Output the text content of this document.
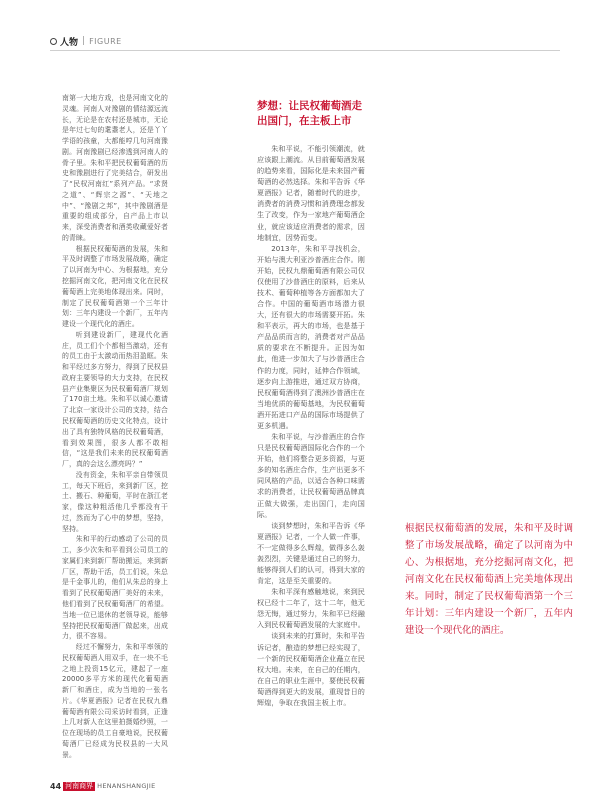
人物 | FIGURE

南第一大地方戏，也是河南文化的灵魂。河南人对豫剧的情结源远流长，无论是在农村还是城市，无论是年过七旬的耄耋老人，还是丫丫学语的孩童，大都能哼几句河南豫剧。河南豫剧已经渗透到河南人的骨子里。朱和平把民权葡萄酒的历史和豫剧进行了完美结合，研发出了“民权河南红”系列产品。“求贤之道”、“辉宗之源”、“天地之中”、“豫剧之邦”，其中豫剧酒是重要的组成部分，自产品上市以来，深受消费者和酒类收藏爱好者的青睐。

根据民权葡萄酒的发展，朱和平及时调整了市场发展战略，确定了以河南为中心、为根据地，充分挖掘河南文化，把河南文化在民权葡萄酒上完美地体现出来。同时，制定了民权葡萄酒第一个三年计划：三年内建设一个新厂，五年内建设一个现代化的酒庄。

听到建设新厂，建现代化酒庄，员工们个个都相当激动，还有的员工由于太激动而热泪盈眶。朱和平经过多方努力，得到了民权县政府主要领导的大力支持，在民权县产业集聚区为民权葡萄酒厂规划了170亩土地。朱和平以诚心邀请了北京一家设计公司的支持，结合民权葡萄酒的历史文化特点，设计出了具有独特风格的民权葡萄酒，看到效果图，很多人都不敢相信，“这是我们未来的民权葡萄酒厂，真的会这么漂亮吗？”

没有资金，朱和平亲自带领员工，每天下班后，来到新厂区，挖土、搬石、种葡萄，平时在浙江老家，像这种粗活他几乎都没有干过，然而为了心中的梦想，坚持，坚持。

朱和平的行动感动了公司的员工，多少次朱和平看到公司员工的家属们来到新厂帮助搬运，来到新厂区，帮助干活，员工们说，朱总是千金事儿的，他们从朱总的身上看到了民权葡萄酒厂美好的未来，他们看到了民权葡萄酒厂的希望。当地一位已退休的老领导说，能够坚持把民权葡萄酒厂做起来，出成力，很不容易。

经过不懈努力，朱和平率领的民权葡萄酒人用双手，在一块不毛之地上投资15亿元，建起了一座20000多平方米的现代化葡萄酒新厂和酒庄，成为当地的一张名片。《华夏酒报》记者在民权九鼎葡萄酒有限公司采访时看到，正逢上几对新人在这里拍摄婚纱照，一位在现场的员工自豪地说，民权葡萄酒厂已经成为民权县的一大风景。

梦想：让民权葡萄酒走出国门，在主板上市

朱和平说，不能引领潮流，就应该跟上潮流。从目前葡萄酒发展的趋势来看，国际化是未来国产葡萄酒的必然选择。朱和平告诉《华夏酒报》记者，随着时代的进步，消费者的消费习惯和消费理念都发生了改变，作为一家地产葡萄酒企业，就应该适应消费者的需求，因地制宜，因势而变。

2013年，朱和平寻找机会，开始与澳大利亚沙普酒庄合作。刚开始，民权九鼎葡萄酒有限公司仅仅使用了沙普酒庄的原料，后来从技术、葡萄种植等各方面都加大了合作。中国的葡萄酒市场潜力很大，还有很大的市场需要开拓。朱和平表示，再大的市场，也是基于产品品质而言的，消费者对产品品质的要求在不断提升。正因为如此，他进一步加大了与沙普酒庄合作的力度，同时，延伸合作领域，逐步向上游推进，通过双方协商，民权葡萄酒得到了澳洲沙普酒庄在当地优质的葡萄基地，为民权葡萄酒开拓进口产品的国际市场提供了更多机遇。

朱和平说，与沙普酒庄的合作只是民权葡萄酒国际化合作的一个开始，他们将整合更多资源，与更多的知名酒庄合作，生产出更多不同风格的产品，以适合各种口味需求的消费者，让民权葡萄酒品牌真正做大做强，走出国门，走向国际。

谈到梦想时，朱和平告诉《华夏酒报》记者，一个人做一件事，不一定做得多么辉煌，做得多么轰轰烈烈，关键是通过自己的努力，能够得到人们的认可，得到大家的肯定，这是至关重要的。

朱和平深有感触地说，来到民权已经十二年了，这十二年，他无怨无悔，通过努力，朱和平已经融入到民权葡萄酒发展的大家庭中。

谈到未来的打算时，朱和平告诉记者，酿造的梦想已经实现了，一个新的民权葡萄酒企业矗立在民权大地。未来，在自己的任期内，在自己的职业生涯中，要使民权葡萄酒得到更大的发展，重现昔日的辉煌，争取在我国主板上市。

根据民权葡萄酒的发展，朱和平及时调整了市场发展战略，确定了以河南为中心、为根据地，充分挖掘河南文化，把河南文化在民权葡萄酒上完美地体现出来。同时，制定了民权葡萄酒第一个三年计划：三年内建设一个新厂，五年内建设一个现代化的酒庄。
44 河南商界 HENANSHANGJIE
